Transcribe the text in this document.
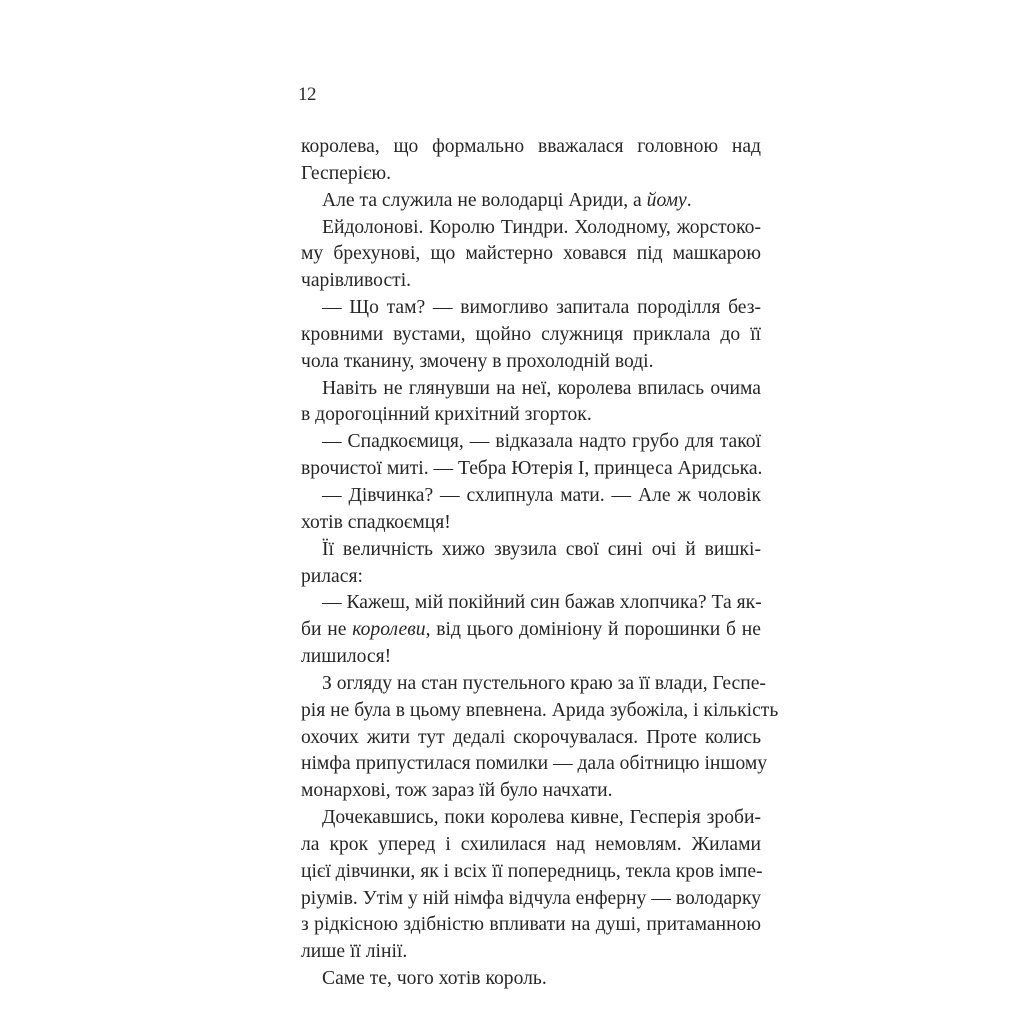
12
королева, що формально вважалася головною над
Гесперією.
Але та служила не володарці Ариди, а йому.
Ейдолонові. Королю Тиндри. Холодному, жорстоко-
му брехунові, що майстерно ховався під машкарою
чарівливості.
— Що там? — вимогливо запитала породілля без-
кровними вустами, щойно служниця приклала до її
чола тканину, змочену в прохолодній воді.
Навіть не глянувши на неї, королева впилась очима
в дорогоцінний крихітний згорток.
— Спадкоємиця, — відказала надто грубо для такої
врочистої миті. — Тебра Ютерія I, принцеса Аридська.
— Дівчинка? — схлипнула мати. — Але ж чоловік
хотів спадкоємця!
Її величність хижо звузила свої сині очі й вишкі-
рилася:
— Кажеш, мій покійний син бажав хлопчика? Та як-
би не королеви, від цього домініону й порошинки б не
лишилося!
З огляду на стан пустельного краю за її влади, Геспе-
рія не була в цьому впевнена. Арида зубожіла, і кількість
охочих жити тут дедалі скорочувалася. Проте колись
німфа припустилася помилки — дала обітницю іншому
монархові, тож зараз їй було начхати.
Дочекавшись, поки королева кивне, Гесперія зроби-
ла крок уперед і схилилася над немовлям. Жилами
цієї дівчинки, як і всіх її попередниць, текла кров імпе-
ріумів. Утім у ній німфа відчула енферну — володарку
з рідкісною здібністю впливати на душі, притаманною
лише її лінії.
Саме те, чого хотів король.
